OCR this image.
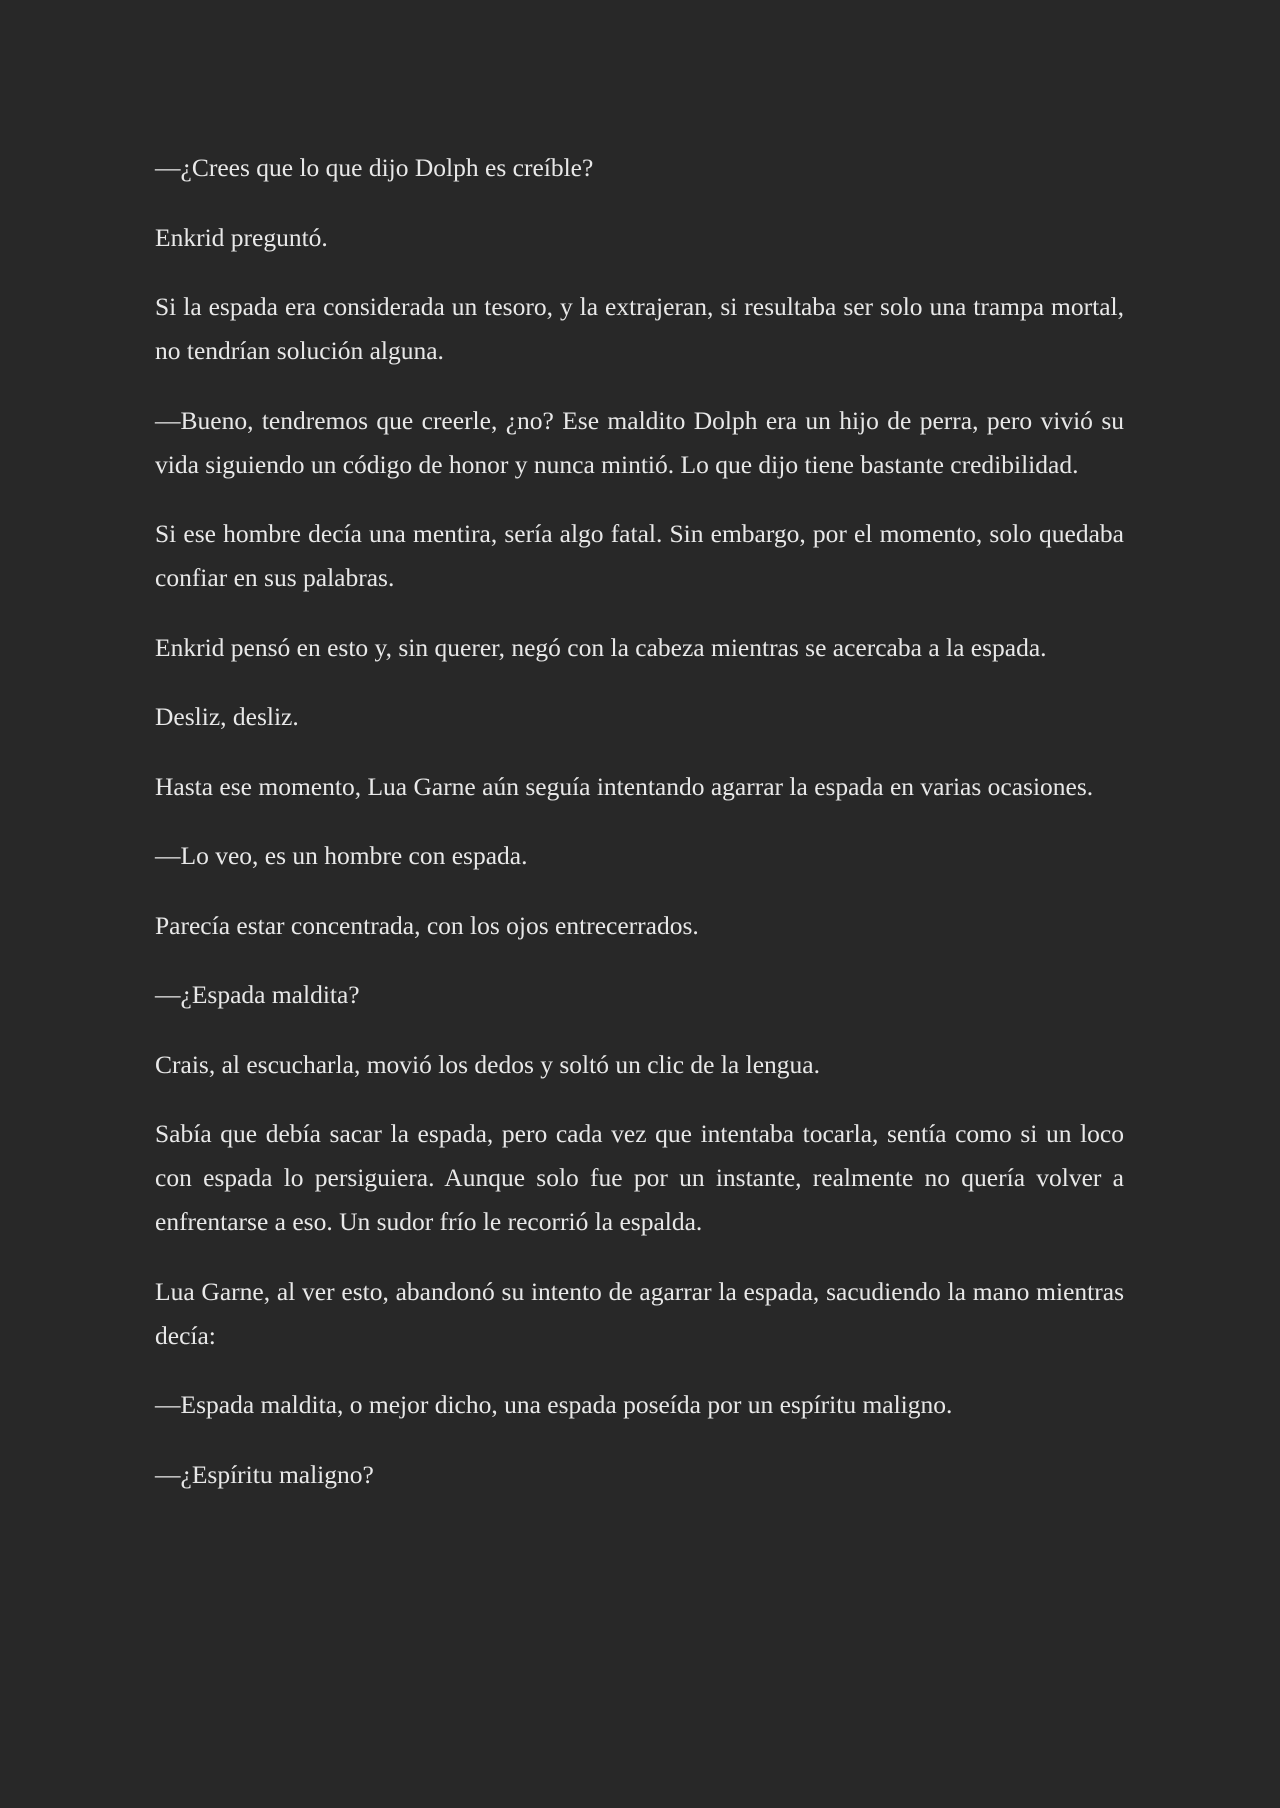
—¿Crees que lo que dijo Dolph es creíble?

Enkrid preguntó.

Si la espada era considerada un tesoro, y la extrajeran, si resultaba ser solo una trampa mortal, no tendrían solución alguna.

—Bueno, tendremos que creerle, ¿no? Ese maldito Dolph era un hijo de perra, pero vivió su vida siguiendo un código de honor y nunca mintió. Lo que dijo tiene bastante credibilidad.

Si ese hombre decía una mentira, sería algo fatal. Sin embargo, por el momento, solo quedaba confiar en sus palabras.

Enkrid pensó en esto y, sin querer, negó con la cabeza mientras se acercaba a la espada.

Desliz, desliz.

Hasta ese momento, Lua Garne aún seguía intentando agarrar la espada en varias ocasiones.

—Lo veo, es un hombre con espada.

Parecía estar concentrada, con los ojos entrecerrados.

—¿Espada maldita?

Crais, al escucharla, movió los dedos y soltó un clic de la lengua.

Sabía que debía sacar la espada, pero cada vez que intentaba tocarla, sentía como si un loco con espada lo persiguiera. Aunque solo fue por un instante, realmente no quería volver a enfrentarse a eso. Un sudor frío le recorrió la espalda.

Lua Garne, al ver esto, abandonó su intento de agarrar la espada, sacudiendo la mano mientras decía:

—Espada maldita, o mejor dicho, una espada poseída por un espíritu maligno.

—¿Espíritu maligno?
